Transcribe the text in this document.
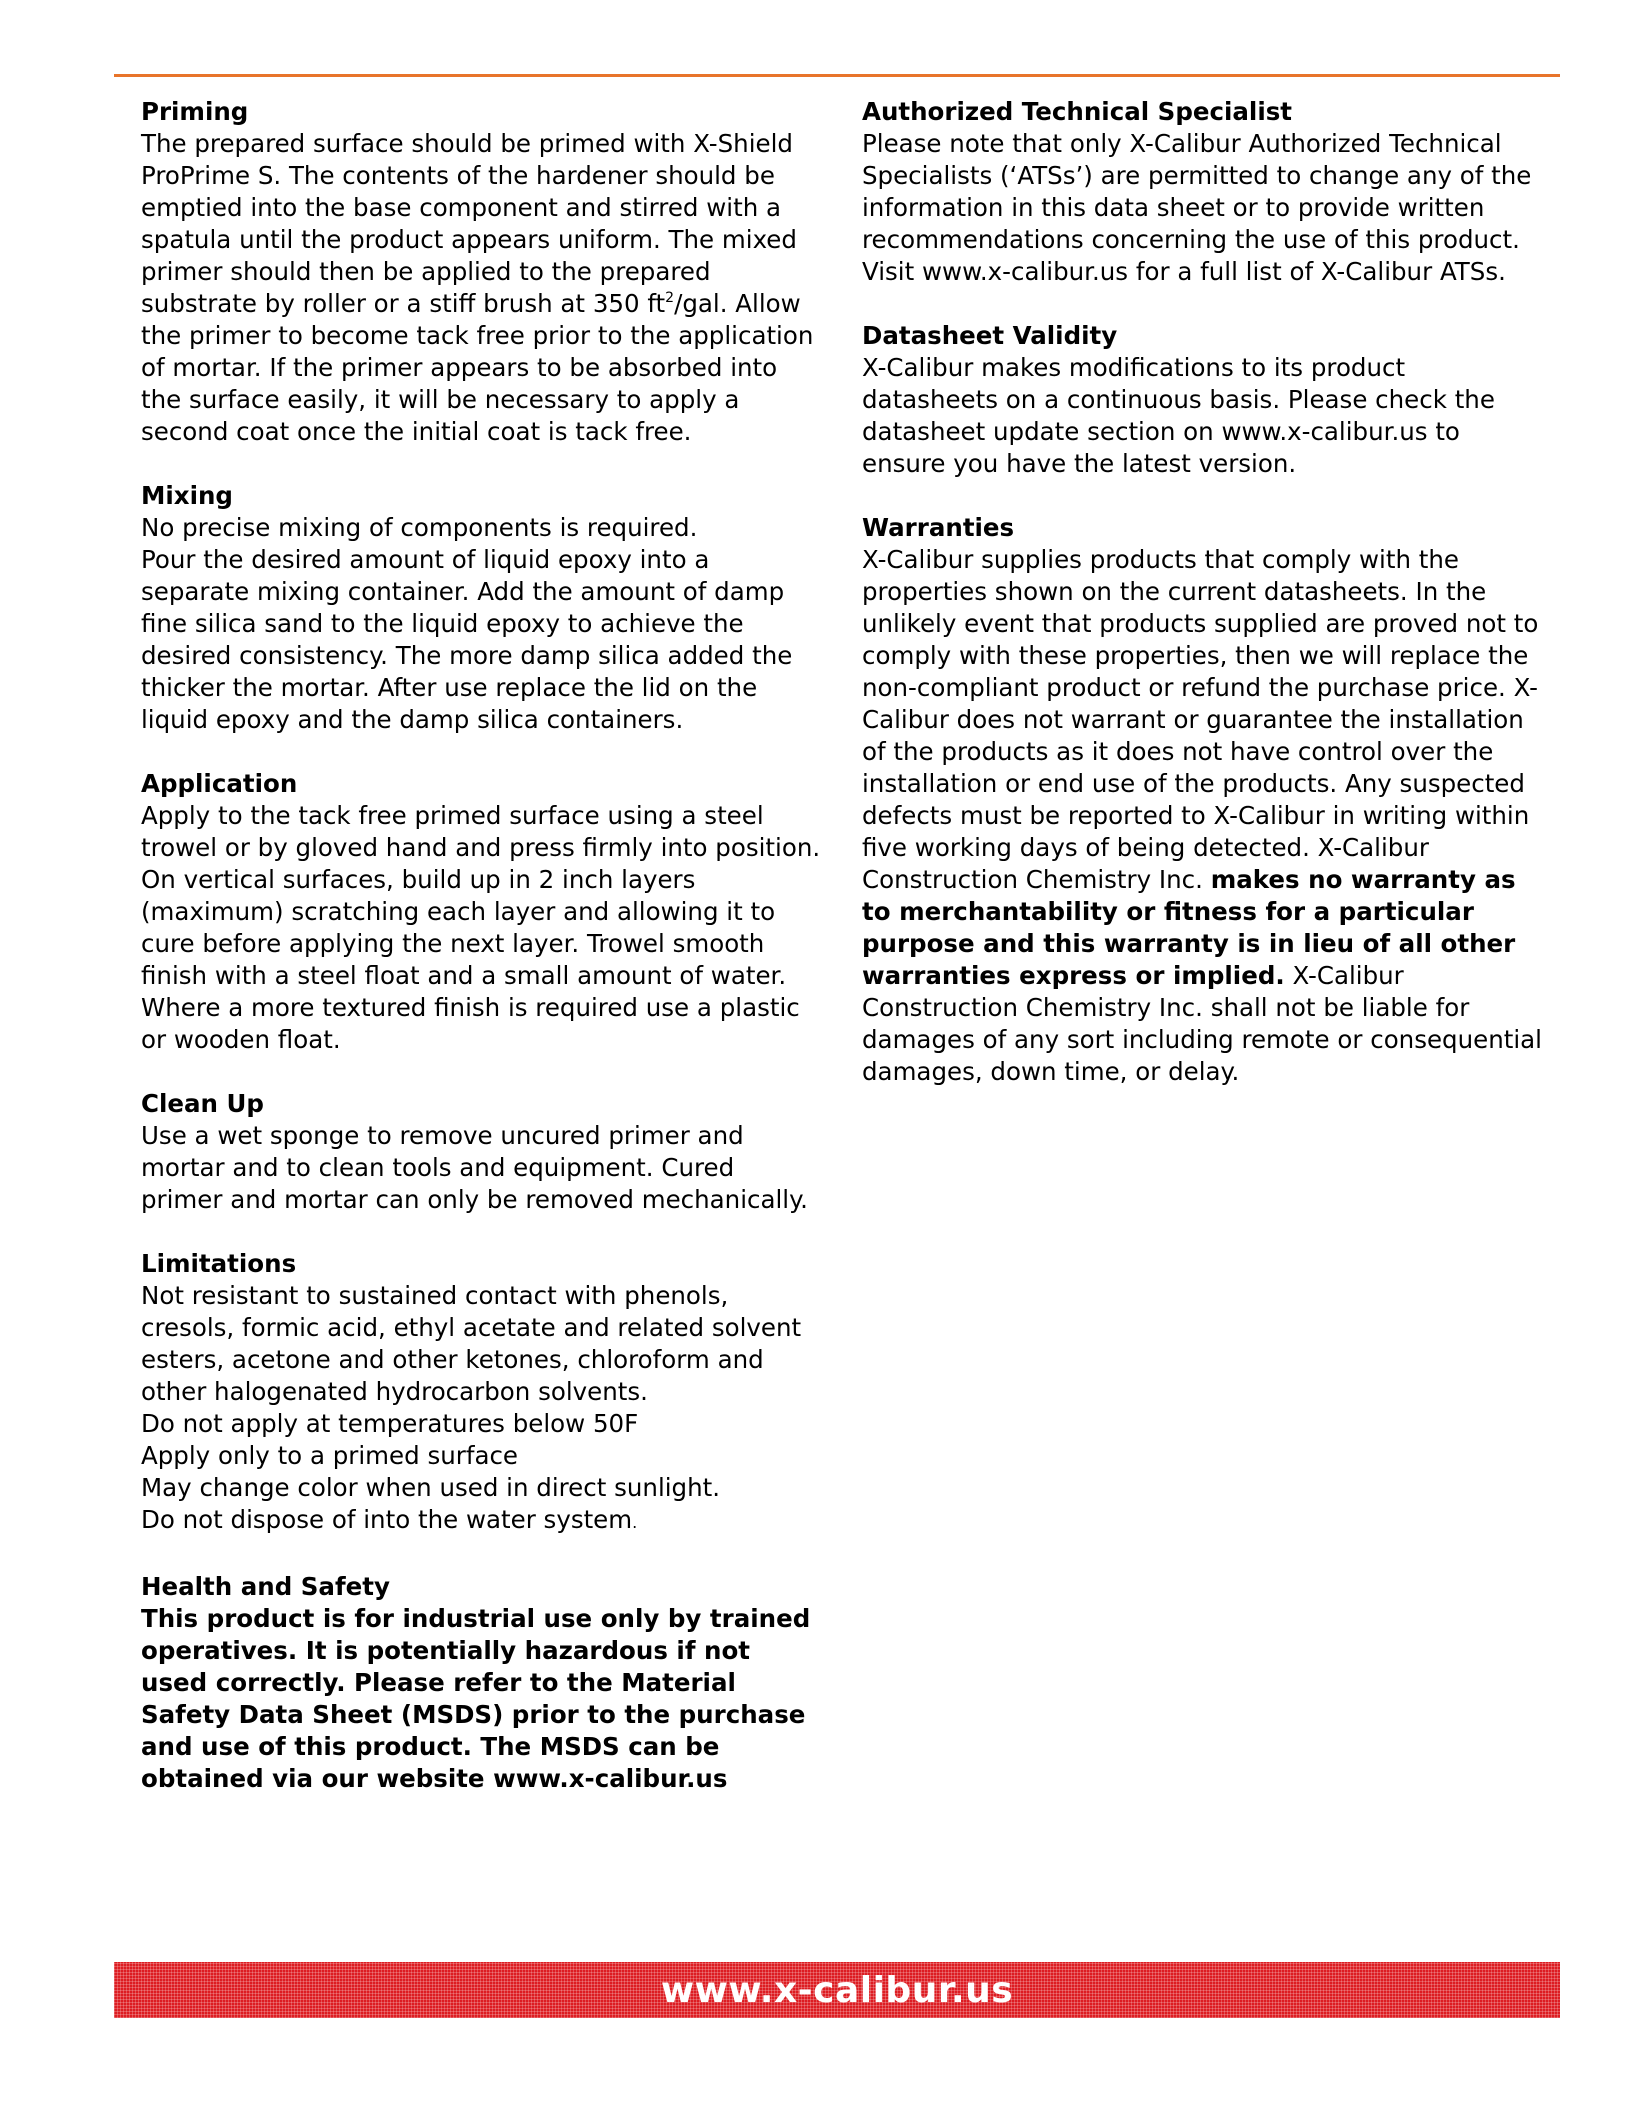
Priming

The prepared surface should be primed with X-Shield ProPrime S. The contents of the hardener should be emptied into the base component and stirred with a spatula until the product appears uniform. The mixed primer should then be applied to the prepared substrate by roller or a stiff brush at 350 $ft^2$/gal. Allow the primer to become tack free prior to the application of mortar. If the primer appears to be absorbed into the surface easily, it will be necessary to apply a second coat once the initial coat is tack free.

Mixing

No precise mixing of components is required.

Pour the desired amount of liquid epoxy into a separate mixing container. Add the amount of damp fine silica sand to the liquid epoxy to achieve the desired consistency. The more damp silica added the thicker the mortar. After use replace the lid on the liquid epoxy and the damp silica containers.

Application

Apply to the tack free primed surface using a steel trowel or by gloved hand and press firmly into position. On vertical surfaces, build up in 2 inch layers (maximum) scratching each layer and allowing it to cure before applying the next layer. Trowel smooth finish with a steel float and a small amount of water. Where a more textured finish is required use a plastic or wooden float.

Clean Up

Use a wet sponge to remove uncured primer and mortar and to clean tools and equipment. Cured primer and mortar can only be removed mechanically.

Limitations

Not resistant to sustained contact with phenols, cresols, formic acid, ethyl acetate and related solvent esters, acetone and other ketones, chloroform and other halogenated hydrocarbon solvents.

Do not apply at temperatures below 50F

Apply only to a primed surface

May change color when used in direct sunlight.

Do not dispose of into the water system.

Health and Safety

This product is for industrial use only by trained operatives. It is potentially hazardous if not used correctly. Please refer to the Material Safety Data Sheet (MSDS) prior to the purchase and use of this product. The MSDS can be obtained via our website www.x-calibur.us

Authorized Technical Specialist

Please note that only X-Calibur Authorized Technical Specialists (‘ATSs’) are permitted to change any of the information in this data sheet or to provide written recommendations concerning the use of this product. Visit www.x-calibur.us for a full list of X-Calibur ATSs.

Datasheet Validity

X-Calibur makes modifications to its product datasheets on a continuous basis. Please check the datasheet update section on www.x-calibur.us to ensure you have the latest version.

Warranties

X-Calibur supplies products that comply with the properties shown on the current datasheets. In the unlikely event that products supplied are proved not to comply with these properties, then we will replace the non-compliant product or refund the purchase price. X-Calibur does not warrant or guarantee the installation of the products as it does not have control over the installation or end use of the products. Any suspected defects must be reported to X-Calibur in writing within five working days of being detected. X-Calibur Construction Chemistry Inc. makes no warranty as to merchantability or fitness for a particular purpose and this warranty is in lieu of all other warranties express or implied. X-Calibur Construction Chemistry Inc. shall not be liable for damages of any sort including remote or consequential damages, down time, or delay.

www.x-calibur.us
